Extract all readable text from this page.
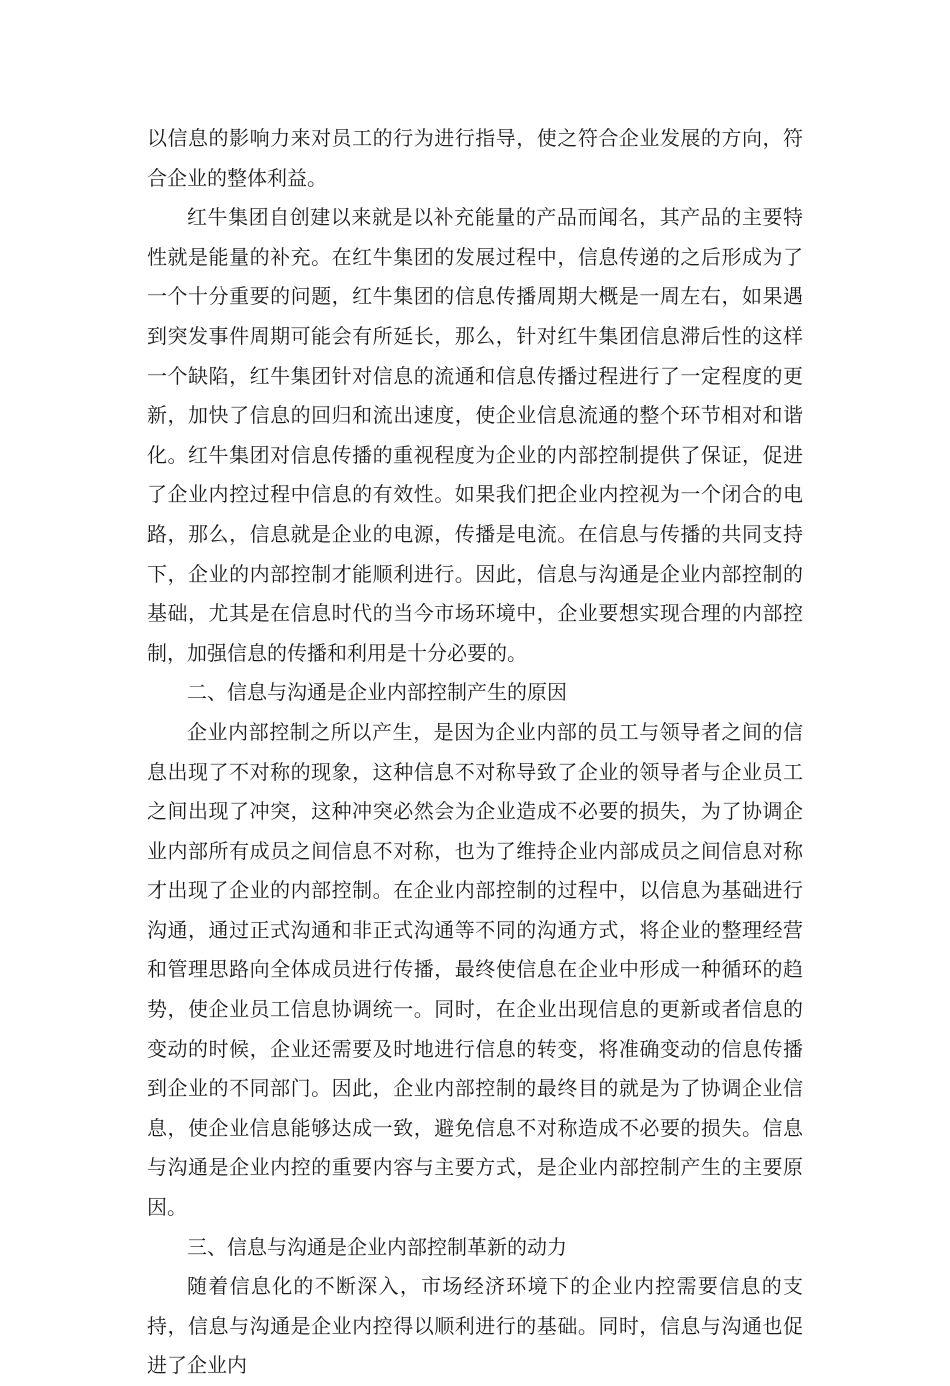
以信息的影响力来对员工的行为进行指导，使之符合企业发展的方向，符合企业的整体利益。

红牛集团自创建以来就是以补充能量的产品而闻名，其产品的主要特性就是能量的补充。在红牛集团的发展过程中，信息传递的之后形成为了一个十分重要的问题，红牛集团的信息传播周期大概是一周左右，如果遇到突发事件周期可能会有所延长，那么，针对红牛集团信息滞后性的这样一个缺陷，红牛集团针对信息的流通和信息传播过程进行了一定程度的更新，加快了信息的回归和流出速度，使企业信息流通的整个环节相对和谐化。红牛集团对信息传播的重视程度为企业的内部控制提供了保证，促进了企业内控过程中信息的有效性。如果我们把企业内控视为一个闭合的电路，那么，信息就是企业的电源，传播是电流。在信息与传播的共同支持下，企业的内部控制才能顺利进行。因此，信息与沟通是企业内部控制的基础，尤其是在信息时代的当今市场环境中，企业要想实现合理的内部控制，加强信息的传播和利用是十分必要的。

二、信息与沟通是企业内部控制产生的原因

企业内部控制之所以产生，是因为企业内部的员工与领导者之间的信息出现了不对称的现象，这种信息不对称导致了企业的领导者与企业员工之间出现了冲突，这种冲突必然会为企业造成不必要的损失，为了协调企业内部所有成员之间信息不对称，也为了维持企业内部成员之间信息对称才出现了企业的内部控制。在企业内部控制的过程中，以信息为基础进行沟通，通过正式沟通和非正式沟通等不同的沟通方式，将企业的整理经营和管理思路向全体成员进行传播，最终使信息在企业中形成一种循环的趋势，使企业员工信息协调统一。同时，在企业出现信息的更新或者信息的变动的时候，企业还需要及时地进行信息的转变，将准确变动的信息传播到企业的不同部门。因此，企业内部控制的最终目的就是为了协调企业信息，使企业信息能够达成一致，避免信息不对称造成不必要的损失。信息与沟通是企业内控的重要内容与主要方式，是企业内部控制产生的主要原因。

三、信息与沟通是企业内部控制革新的动力

随着信息化的不断深入，市场经济环境下的企业内控需要信息的支持，信息与沟通是企业内控得以顺利进行的基础。同时，信息与沟通也促进了企业内
